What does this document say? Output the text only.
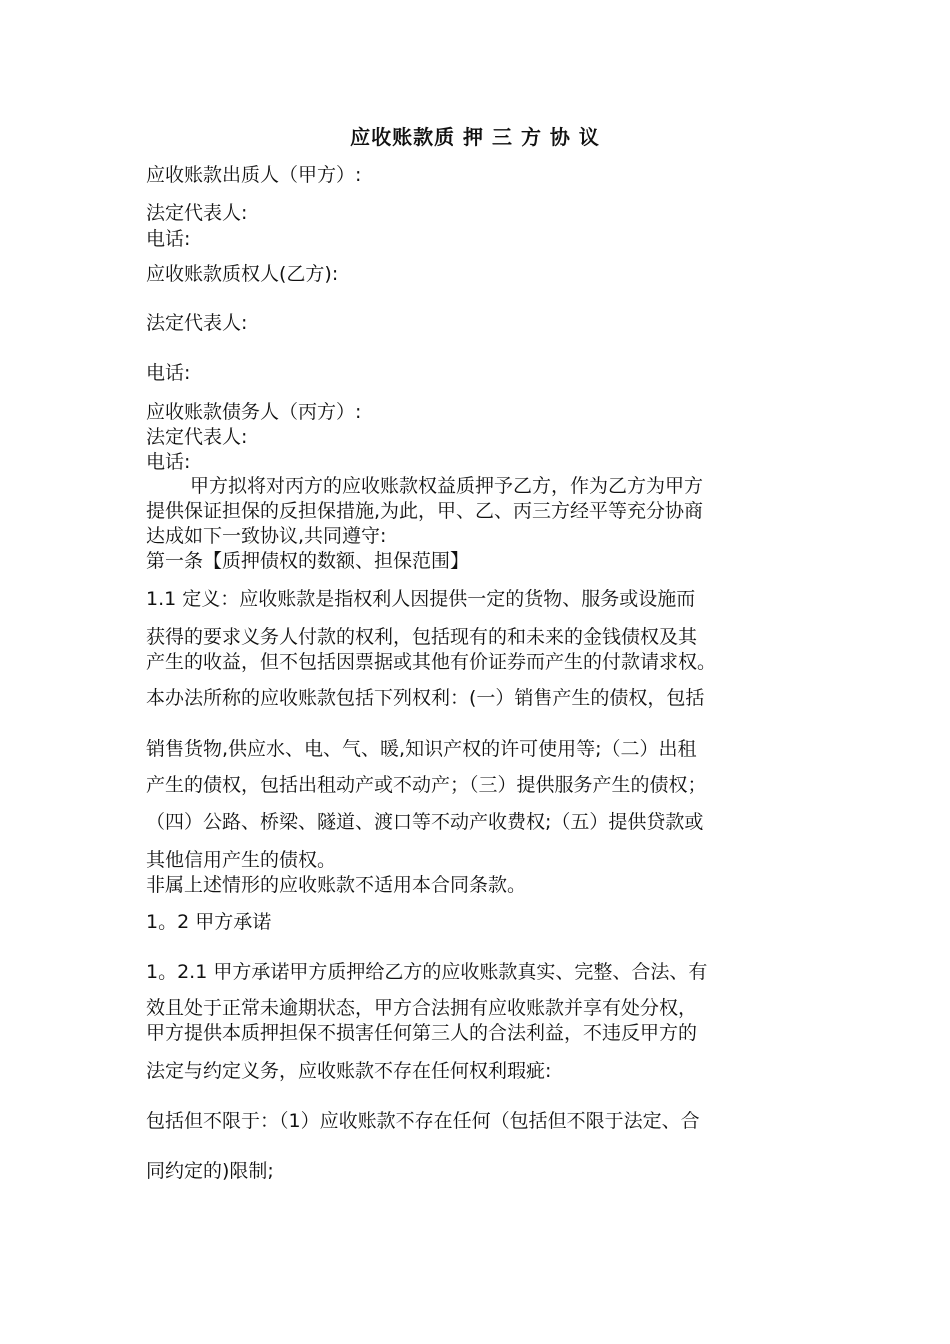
应收账款质 押 三 方 协 议
应收账款出质人（甲方）:
法定代表人:
电话:
应收账款质权人(乙方):
法定代表人:
电话:
应收账款债务人（丙方）:
法定代表人:
电话:
甲方拟将对丙方的应收账款权益质押予乙方，作为乙方为甲方
提供保证担保的反担保措施,为此，甲、乙、丙三方经平等充分协商
达成如下一致协议,共同遵守:
第一条【质押债权的数额、担保范围】
1.1 定义：应收账款是指权利人因提供一定的货物、服务或设施而
获得的要求义务人付款的权利，包括现有的和未来的金钱债权及其
产生的收益，但不包括因票据或其他有价证券而产生的付款请求权。
本办法所称的应收账款包括下列权利：(一）销售产生的债权，包括
销售货物,供应水、电、气、暖,知识产权的许可使用等;（二）出租
产生的债权，包括出租动产或不动产；（三）提供服务产生的债权；
（四）公路、桥梁、隧道、渡口等不动产收费权;（五）提供贷款或
其他信用产生的债权。
非属上述情形的应收账款不适用本合同条款。
1。2 甲方承诺
1。2.1 甲方承诺甲方质押给乙方的应收账款真实、完整、合法、有
效且处于正常未逾期状态，甲方合法拥有应收账款并享有处分权，
甲方提供本质押担保不损害任何第三人的合法利益，不违反甲方的
法定与约定义务，应收账款不存在任何权利瑕疵:
包括但不限于：（1）应收账款不存在任何（包括但不限于法定、合
同约定的)限制;
